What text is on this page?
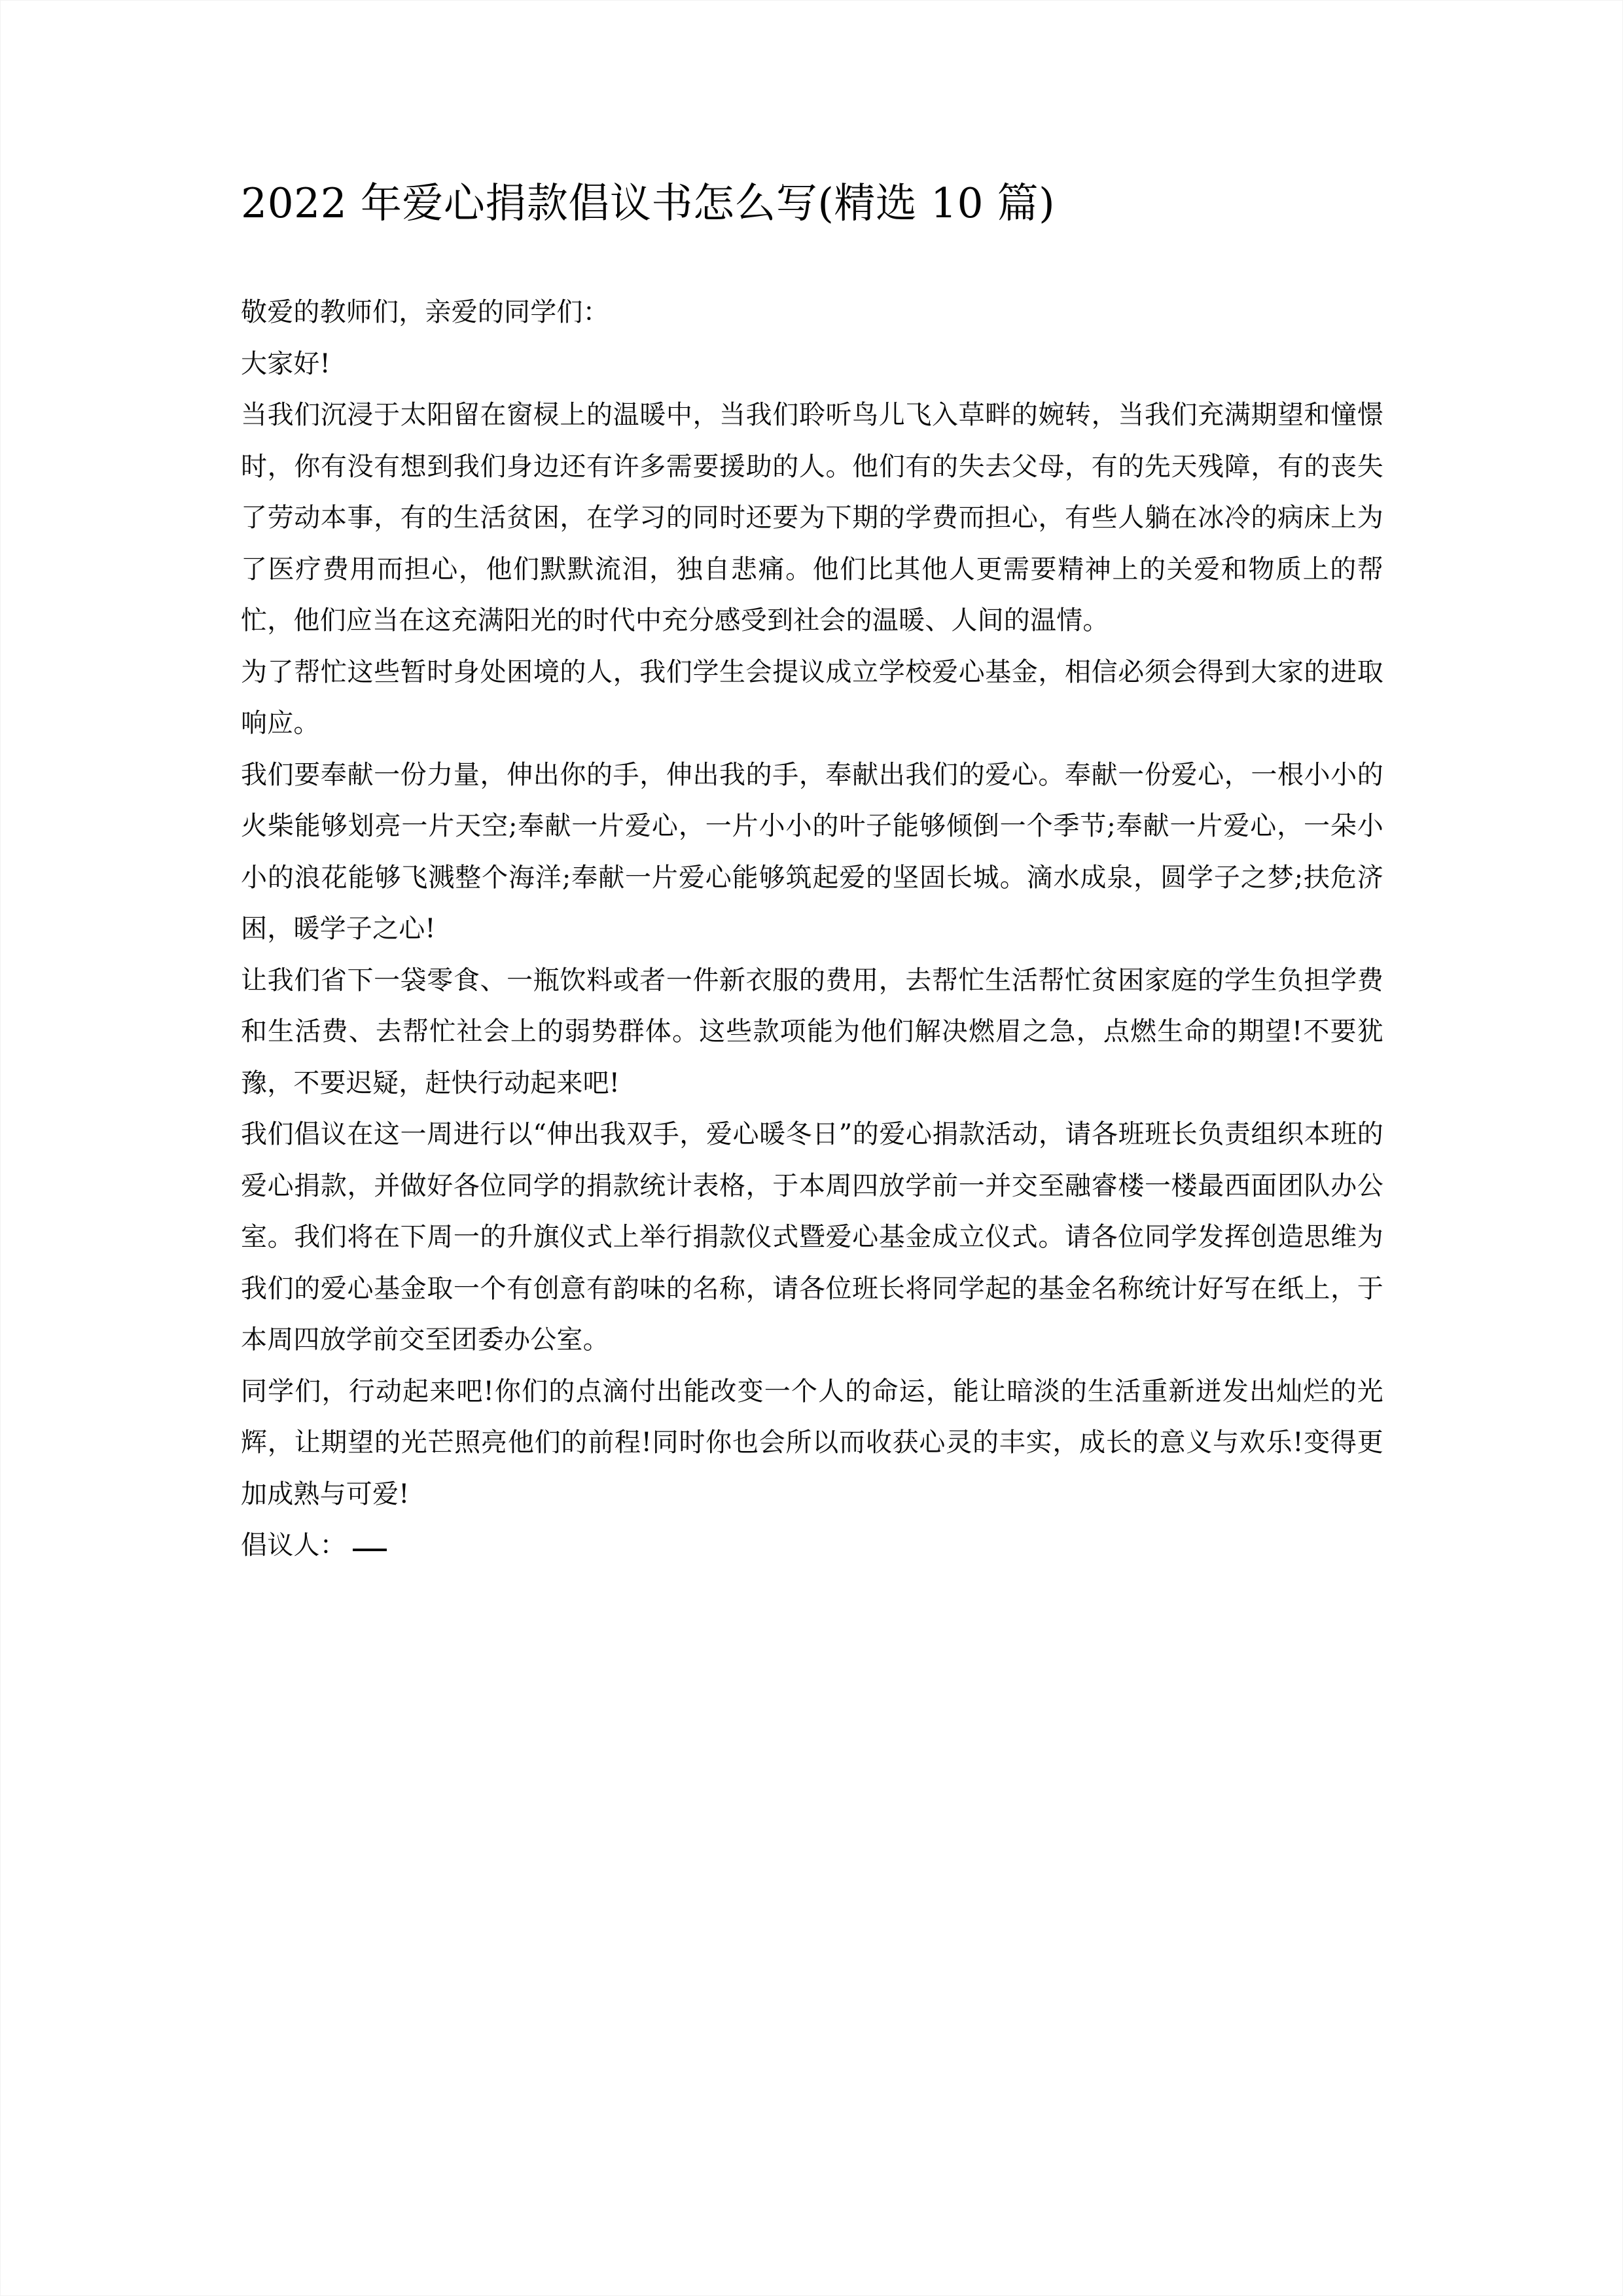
2022 年爱心捐款倡议书怎么写(精选 10 篇)

敬爱的教师们，亲爱的同学们：

大家好!

当我们沉浸于太阳留在窗棂上的温暖中，当我们聆听鸟儿飞入草畔的婉转，当我们充满期望和憧憬时，你有没有想到我们身边还有许多需要援助的人。他们有的失去父母，有的先天残障，有的丧失了劳动本事，有的生活贫困，在学习的同时还要为下期的学费而担心，有些人躺在冰冷的病床上为了医疗费用而担心，他们默默流泪，独自悲痛。他们比其他人更需要精神上的关爱和物质上的帮忙，他们应当在这充满阳光的时代中充分感受到社会的温暖、人间的温情。

为了帮忙这些暂时身处困境的人，我们学生会提议成立学校爱心基金，相信必须会得到大家的进取响应。

我们要奉献一份力量，伸出你的手，伸出我的手，奉献出我们的爱心。奉献一份爱心，一根小小的火柴能够划亮一片天空;奉献一片爱心，一片小小的叶子能够倾倒一个季节;奉献一片爱心，一朵小小的浪花能够飞溅整个海洋;奉献一片爱心能够筑起爱的坚固长城。滴水成泉，圆学子之梦;扶危济困，暖学子之心!

让我们省下一袋零食、一瓶饮料或者一件新衣服的费用，去帮忙生活帮忙贫困家庭的学生负担学费和生活费、去帮忙社会上的弱势群体。这些款项能为他们解决燃眉之急，点燃生命的期望!不要犹豫，不要迟疑，赶快行动起来吧!

我们倡议在这一周进行以“伸出我双手，爱心暖冬日”的爱心捐款活动，请各班班长负责组织本班的爱心捐款，并做好各位同学的捐款统计表格，于本周四放学前一并交至融睿楼一楼最西面团队办公室。我们将在下周一的升旗仪式上举行捐款仪式暨爱心基金成立仪式。请各位同学发挥创造思维为我们的爱心基金取一个有创意有韵味的名称，请各位班长将同学起的基金名称统计好写在纸上，于本周四放学前交至团委办公室。

同学们，行动起来吧!你们的点滴付出能改变一个人的命运，能让暗淡的生活重新迸发出灿烂的光辉，让期望的光芒照亮他们的前程!同时你也会所以而收获心灵的丰实，成长的意义与欢乐!变得更加成熟与可爱!

倡议人：
